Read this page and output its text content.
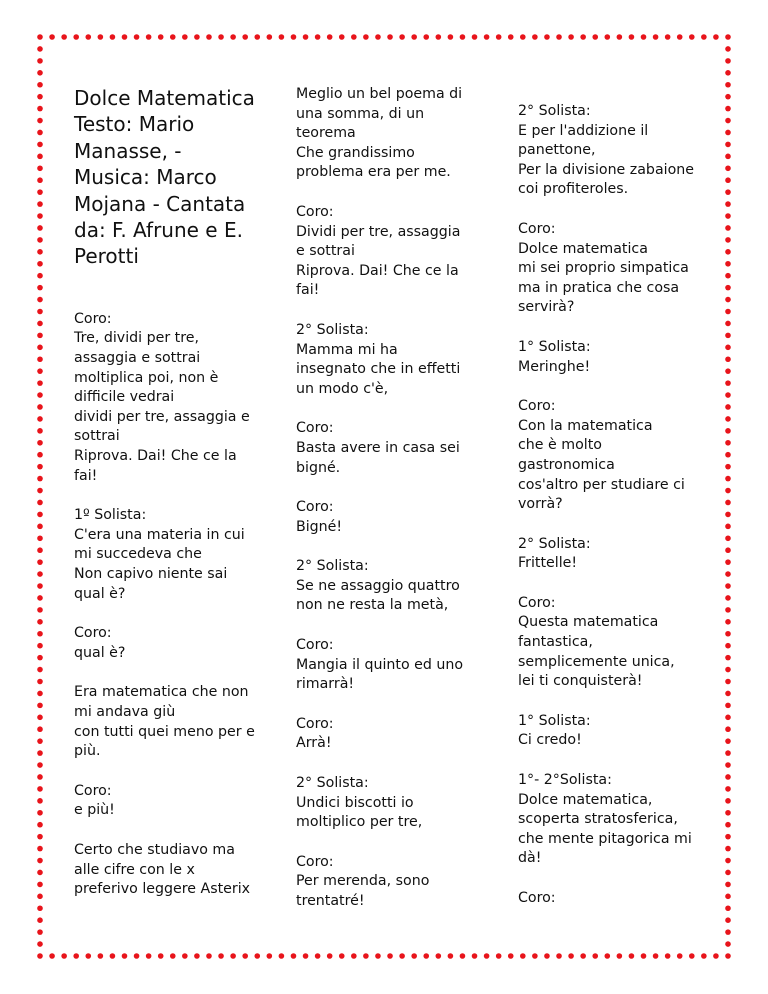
Dolce Matematica Testo: Mario Manasse, - Musica: Marco Mojana - Cantata da: F. Afrune e E. Perotti
Coro:
Tre, dividi per tre, assaggia e sottrai
moltiplica poi, non è difficile vedrai
dividi per tre, assaggia e sottrai
Riprova. Dai! Che ce la fai!
1º Solista:
C'era una materia in cui mi succedeva che
Non capivo niente sai qual è?
Coro:
qual è?
Era matematica che non mi andava giù
con tutti quei meno per e più.
Coro:
e più!
Certo che studiavo ma alle cifre con le x
preferivo leggere Asterix
Meglio un bel poema di una somma, di un teorema
Che grandissimo problema era per me.
Coro:
Dividi per tre, assaggia e sottrai
Riprova. Dai! Che ce la fai!
2° Solista:
Mamma mi ha insegnato che in effetti un modo c'è,
Coro:
Basta avere in casa sei bigné.
Coro:
Bigné!
2° Solista:
Se ne assaggio quattro non ne resta la metà,
Coro:
Mangia il quinto ed uno rimarrà!
Coro:
Arrà!
2° Solista:
Undici biscotti io moltiplico per tre,
Coro:
Per merenda, sono trentatré!
2° Solista:
E per l'addizione il panettone,
Per la divisione zabaione coi profiteroles.
Coro:
Dolce matematica
mi sei proprio simpatica
ma in pratica che cosa servirà?
1° Solista:
Meringhe!
Coro:
Con la matematica
che è molto gastronomica
cos'altro per studiare ci vorrà?
2° Solista:
Frittelle!
Coro:
Questa matematica fantastica,
semplicemente unica,
lei ti conquisterà!
1° Solista:
Ci credo!
1°- 2°Solista:
Dolce matematica,
scoperta stratosferica,
che mente pitagorica mi dà!
Coro:
